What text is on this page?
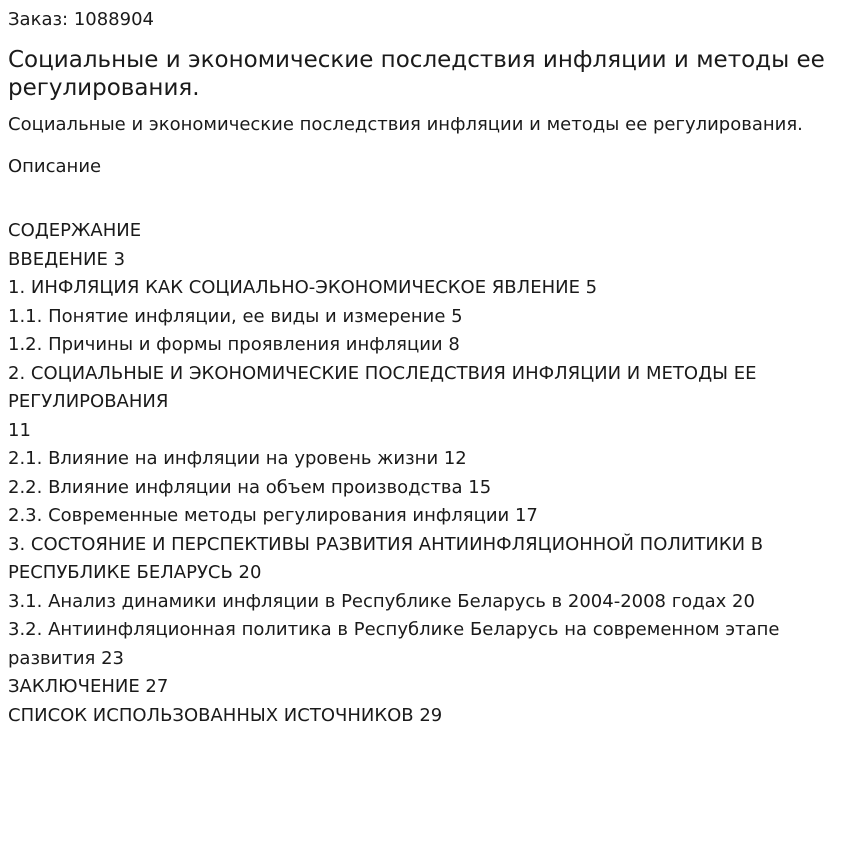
Заказ: 1088904

Социальные и экономические последствия инфляции и методы ее регулирования.

Социальные и экономические последствия инфляции и методы ее регулирования.

Описание

СОДЕРЖАНИЕ
ВВЕДЕНИЕ 3
1. ИНФЛЯЦИЯ КАК СОЦИАЛЬНО-ЭКОНОМИЧЕСКОЕ ЯВЛЕНИЕ 5
1.1. Понятие инфляции, ее виды и измерение 5
1.2. Причины и формы проявления инфляции 8
2. СОЦИАЛЬНЫЕ И ЭКОНОМИЧЕСКИЕ ПОСЛЕДСТВИЯ ИНФЛЯЦИИ И МЕТОДЫ ЕЕ РЕГУЛИРОВАНИЯ
11
2.1. Влияние на инфляции на уровень жизни 12
2.2. Влияние инфляции на объем производства 15
2.3. Современные методы регулирования инфляции 17
3. СОСТОЯНИЕ И ПЕРСПЕКТИВЫ РАЗВИТИЯ АНТИИНФЛЯЦИОННОЙ ПОЛИТИКИ В РЕСПУБЛИКЕ БЕЛАРУСЬ 20
3.1. Анализ динамики инфляции в Республике Беларусь в 2004-2008 годах 20
3.2. Антиинфляционная политика в Республике Беларусь на современном этапе развития 23
ЗАКЛЮЧЕНИЕ 27
СПИСОК ИСПОЛЬЗОВАННЫХ ИСТОЧНИКОВ 29
